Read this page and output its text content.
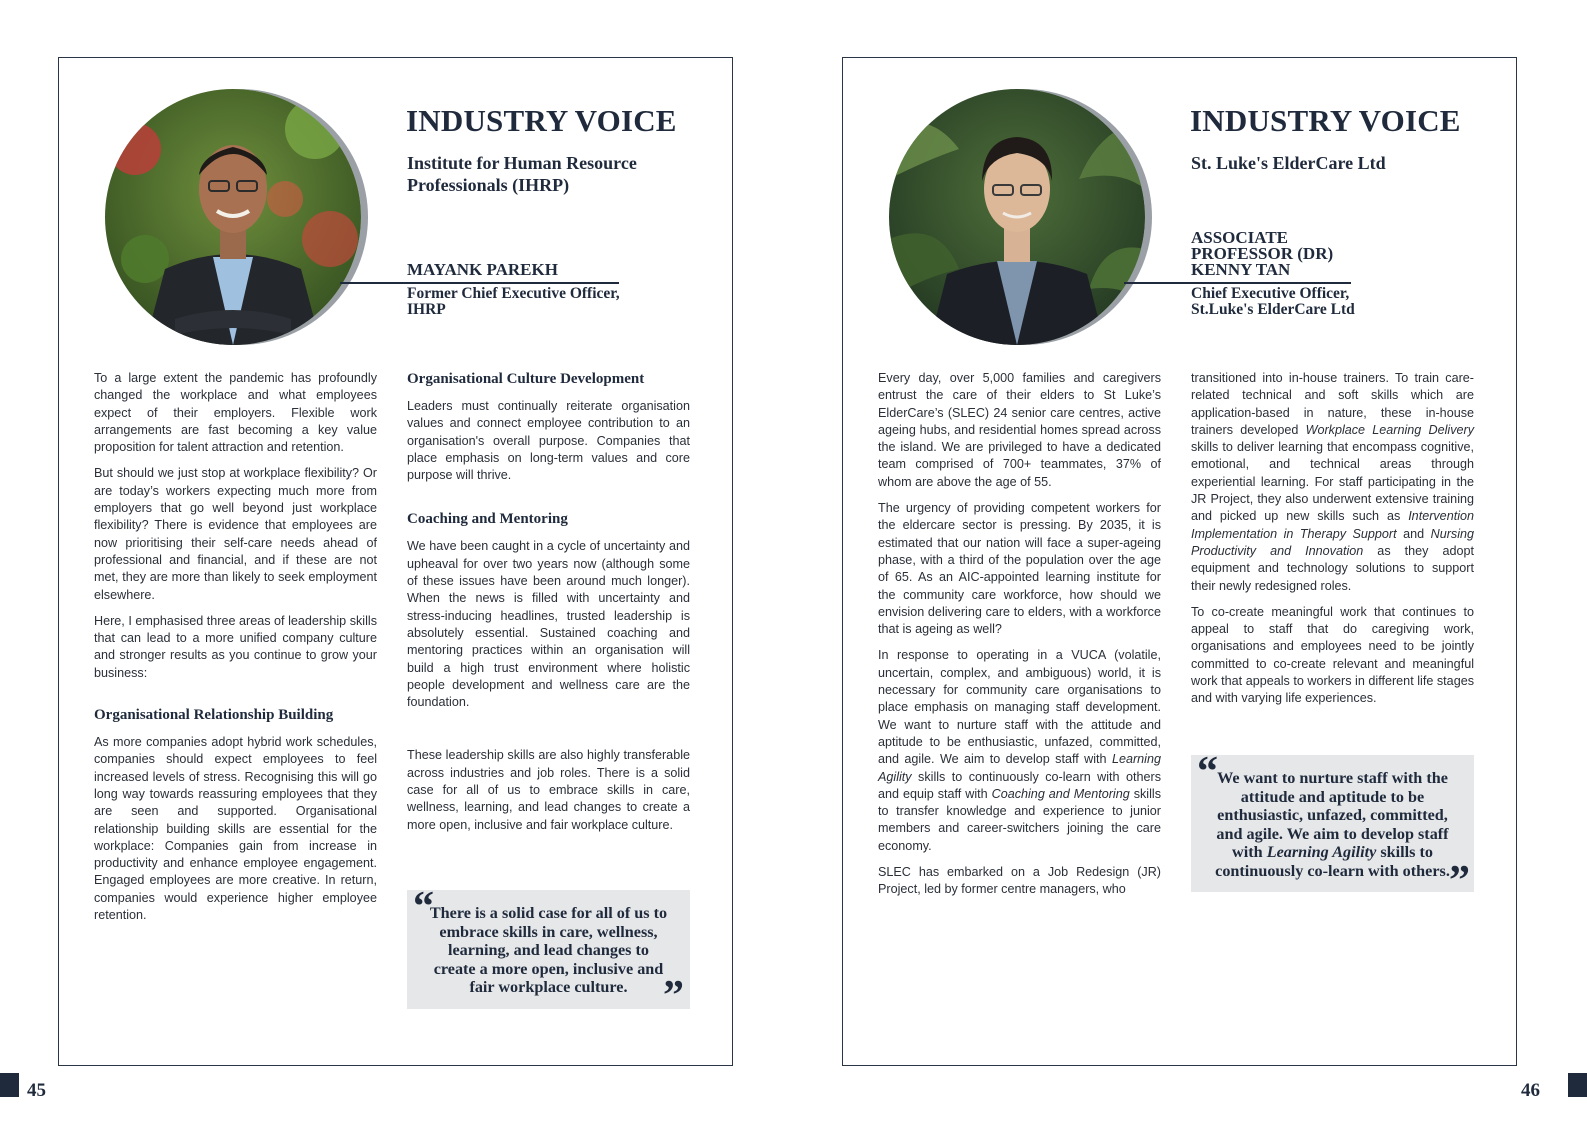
INDUSTRY VOICE
Institute for Human Resource
Professionals (IHRP)
MAYANK PAREKH
Former Chief Executive Officer,
IHRP

To a large extent the pandemic has profoundly changed the workplace and what employees expect of their employers. Flexible work arrangements are fast becoming a key value proposition for talent attraction and retention.

But should we just stop at workplace flexibility? Or are today’s workers expecting much more from employers that go well beyond just workplace flexibility? There is evidence that employees are now prioritising their self-care needs ahead of professional and financial, and if these are not met, they are more than likely to seek employment elsewhere.

Here, I emphasised three areas of leadership skills that can lead to a more unified company culture and stronger results as you continue to grow your business:

Organisational Relationship Building

As more companies adopt hybrid work schedules, companies should expect employees to feel increased levels of stress. Recognising this will go long way towards reassuring employees that they are seen and supported. Organisational relationship building skills are essential for the workplace: Companies gain from increase in productivity and enhance employee engagement. Engaged employees are more creative. In return, companies would experience higher employee retention.

Organisational Culture Development

Leaders must continually reiterate organisation values and connect employee contribution to an organisation's overall purpose. Companies that place emphasis on long-term values and core purpose will thrive.

Coaching and Mentoring

We have been caught in a cycle of uncertainty and upheaval for over two years now (although some of these issues have been around much longer). When the news is filled with uncertainty and stress-inducing headlines, trusted leadership is absolutely essential. Sustained coaching and mentoring practices within an organisation will build a high trust environment where holistic people development and wellness care are the foundation.

These leadership skills are also highly transferable across industries and job roles. There is a solid case for all of us to embrace skills in care, wellness, learning, and lead changes to create a more open, inclusive and fair workplace culture.

“

There is a solid case for all of us to embrace skills in care, wellness, learning, and lead changes to create a more open, inclusive and fair workplace culture. ”
45
INDUSTRY VOICE
St. Luke's ElderCare Ltd
ASSOCIATE
PROFESSOR (DR)
KENNY TAN
Chief Executive Officer,
St.Luke's ElderCare Ltd

Every day, over 5,000 families and caregivers entrust the care of their elders to St Luke’s ElderCare’s (SLEC) 24 senior care centres, active ageing hubs, and residential homes spread across the island. We are privileged to have a dedicated team comprised of 700+ teammates, 37% of whom are above the age of 55.

The urgency of providing competent workers for the eldercare sector is pressing. By 2035, it is estimated that our nation will face a super-ageing phase, with a third of the population over the age of 65. As an AIC-appointed learning institute for the community care workforce, how should we envision delivering care to elders, with a workforce that is ageing as well?

In response to operating in a VUCA (volatile, uncertain, complex, and ambiguous) world, it is necessary for community care organisations to place emphasis on managing staff development. We want to nurture staff with the attitude and aptitude to be enthusiastic, unfazed, committed, and agile. We aim to develop staff with Learning Agility skills to continuously co-learn with others and equip staff with Coaching and Mentoring skills to transfer knowledge and experience to junior members and career-switchers joining the care economy.

SLEC has embarked on a Job Redesign (JR) Project, led by former centre managers, who

transitioned into in-house trainers. To train care-related technical and soft skills which are application-based in nature, these in-house trainers developed Workplace Learning Delivery skills to deliver learning that encompass cognitive, emotional, and technical areas through experiential learning. For staff participating in the JR Project, they also underwent extensive training and picked up new skills such as Intervention Implementation in Therapy Support and Nursing Productivity and Innovation as they adopt equipment and technology solutions to support their newly redesigned roles.

To co-create meaningful work that continues to appeal to staff that do caregiving work, organisations and employees need to be jointly committed to co-create relevant and meaningful work that appeals to workers in different life stages and with varying life experiences.

“ We want to nurture staff with the attitude and aptitude to be enthusiastic, unfazed, committed, and agile. We aim to develop staff with Learning Agility skills to continuously co-learn with others. ”
46
